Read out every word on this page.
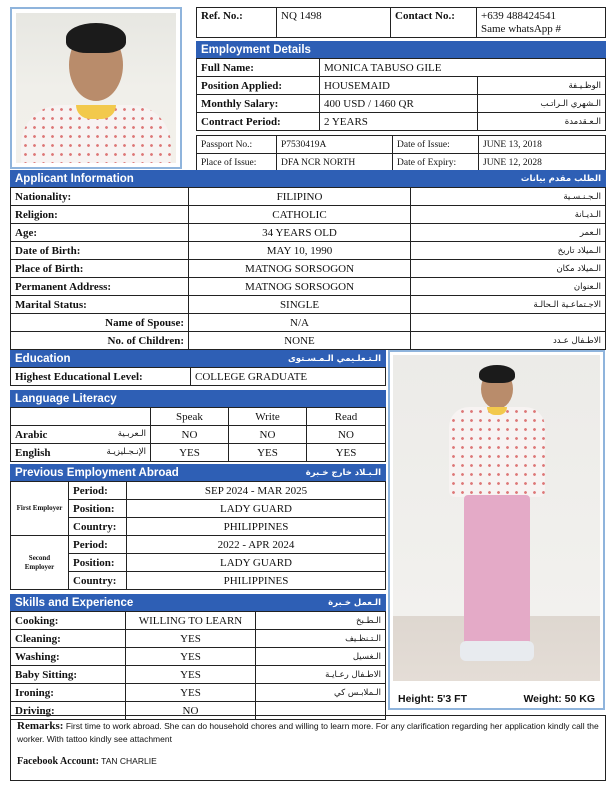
Ref. No.:	NQ 1498	Contact No.:	+639 488424541
Same whatsApp #
Employment Details
Full Name:	MONICA TABUSO GILE	
Position Applied:	HOUSEMAID	الوظـيـفة
Monthly Salary:	400 USD / 1460 QR	الـشهري الـراتـب
Contract Period:	2 YEARS	الـعـقدمدة
Passport No.:	P7530419A	Date of Issue:	JUNE 13, 2018
Place of Issue:	DFA NCR NORTH	Date of Expiry:	JUNE 12, 2028
Applicant Information	الطلب مقدم بيانات
Nationality:	FILIPINO	الـجـنـسـية
Religion:	CATHOLIC	الـديـانة
Age:	34 YEARS OLD	الـعمر
Date of Birth:	MAY 10, 1990	الـميلاد تاريخ
Place of Birth:	MATNOG SORSOGON	الـميلاد مكان
Permanent Address:	MATNOG SORSOGON	الـعنوان
Marital Status:	SINGLE	الاجـتماعـية الـحالـة
Name of Spouse:	N/A	
No. of Children:	NONE	الاطـفال عـدد
Education	الـتـعلـيمي الـمـسـتوى
Highest Educational Level:	COLLEGE GRADUATE
Language Literacy
	Speak	Write	Read
Arabic الـعربـية	NO	NO	NO
English الإنـجـليزيـة	YES	YES	YES
Previous Employment Abroad	الـبـلاد خارج خـبرة
First Employer	Period:	SEP 2024 - MAR 2025
	Position:	LADY GUARD
	Country:	PHILIPPINES
Second Employer	Period:	2022 - APR 2024
	Position:	LADY GUARD
	Country:	PHILIPPINES
Skills and Experience	الـعمل خـبرة
Cooking:	WILLING TO LEARN	الـطـبخ
Cleaning:	YES	الـتـنظـيف
Washing:	YES	الـغسيل
Baby Sitting:	YES	الاطـفال رعـايـة
Ironing:	YES	الـملابـس كي
Driving:	NO	
Height: 5'3 FT	Weight: 50 KG
Remarks: First time to work abroad. She can do household chores and willing to learn more. For any clarification regarding her application kindly call the worker. With tattoo kindly see attachment
Facebook Account: TAN CHARLIE
